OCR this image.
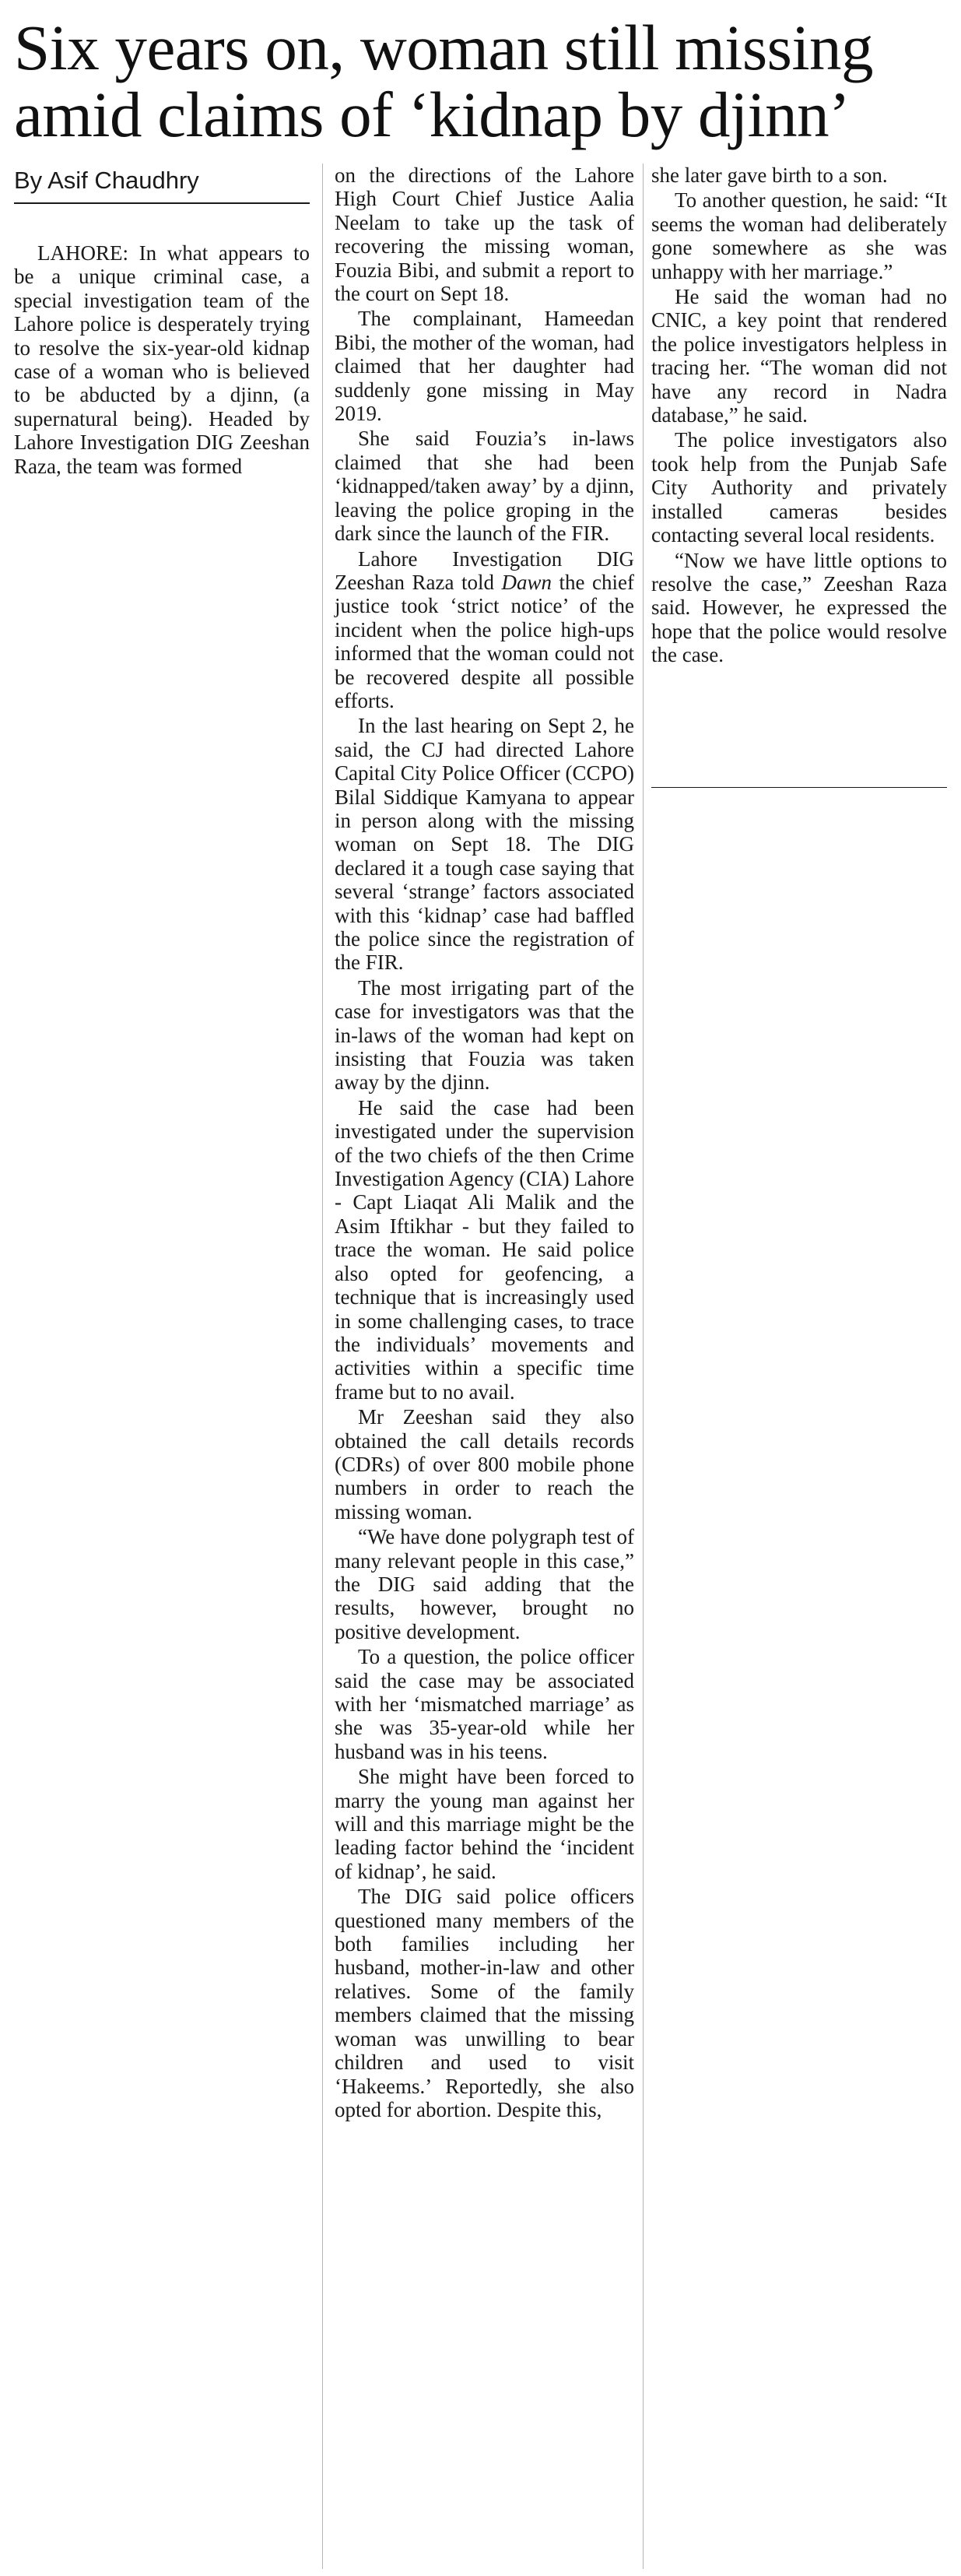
Six years on, woman still missing
amid claims of ‘kidnap by djinn’
By Asif Chaudhry

LAHORE: In what appears to be a unique criminal case, a special investigation team of the Lahore police is desperately trying to resolve the six-year-old kidnap case of a woman who is believed to be abducted by a djinn, (a supernatural being). Headed by Lahore Investigation DIG Zeeshan Raza, the team was formed

on the directions of the Lahore High Court Chief Justice Aalia Neelam to take up the task of recovering the missing woman, Fouzia Bibi, and submit a report to the court on Sept 18.

The complainant, Hameedan Bibi, the mother of the woman, had claimed that her daughter had suddenly gone missing in May 2019.

She said Fouzia’s in-laws claimed that she had been ‘kidnapped/taken away’ by a djinn, leaving the police groping in the dark since the launch of the FIR.

Lahore Investigation DIG Zeeshan Raza told Dawn the chief justice took ‘strict notice’ of the incident when the police high-ups informed that the woman could not be recovered despite all possible efforts.

In the last hearing on Sept 2, he said, the CJ had directed Lahore Capital City Police Officer (CCPO) Bilal Siddique Kamyana to appear in person along with the missing woman on Sept 18. The DIG declared it a tough case saying that several ‘strange’ factors associated with this ‘kidnap’ case had baffled the police since the registration of the FIR.

The most irrigating part of the case for investigators was that the in-laws of the woman had kept on insisting that Fouzia was taken away by the djinn.

He said the case had been investigated under the supervision of the two chiefs of the then Crime Investigation Agency (CIA) Lahore - Capt Liaqat Ali Malik and the Asim Iftikhar - but they failed to trace the woman. He said police also opted for geofencing, a technique that is increasingly used in some challenging cases, to trace the individuals’ movements and activities within a specific time frame but to no avail.

Mr Zeeshan said they also obtained the call details records (CDRs) of over 800 mobile phone numbers in order to reach the missing woman.

“We have done polygraph test of many relevant people in this case,” the DIG said adding that the results, however, brought no positive development.

To a question, the police officer said the case may be associated with her ‘mismatched marriage’ as she was 35-year-old while her husband was in his teens.

She might have been forced to marry the young man against her will and this marriage might be the leading factor behind the ‘incident of kidnap’, he said.

The DIG said police officers questioned many members of the both families including her husband, mother-in-law and other relatives. Some of the family members claimed that the missing woman was unwilling to bear children and used to visit ‘Hakeems.’ Reportedly, she also opted for abortion. Despite this,

she later gave birth to a son.

To another question, he said: “It seems the woman had deliberately gone somewhere as she was unhappy with her marriage.”

He said the woman had no CNIC, a key point that rendered the police investigators helpless in tracing her. “The woman did not have any record in Nadra database,” he said.

The police investigators also took help from the Punjab Safe City Authority and privately installed cameras besides contacting several local residents.

“Now we have little options to resolve the case,” Zeeshan Raza said. However, he expressed the hope that the police would resolve the case.
